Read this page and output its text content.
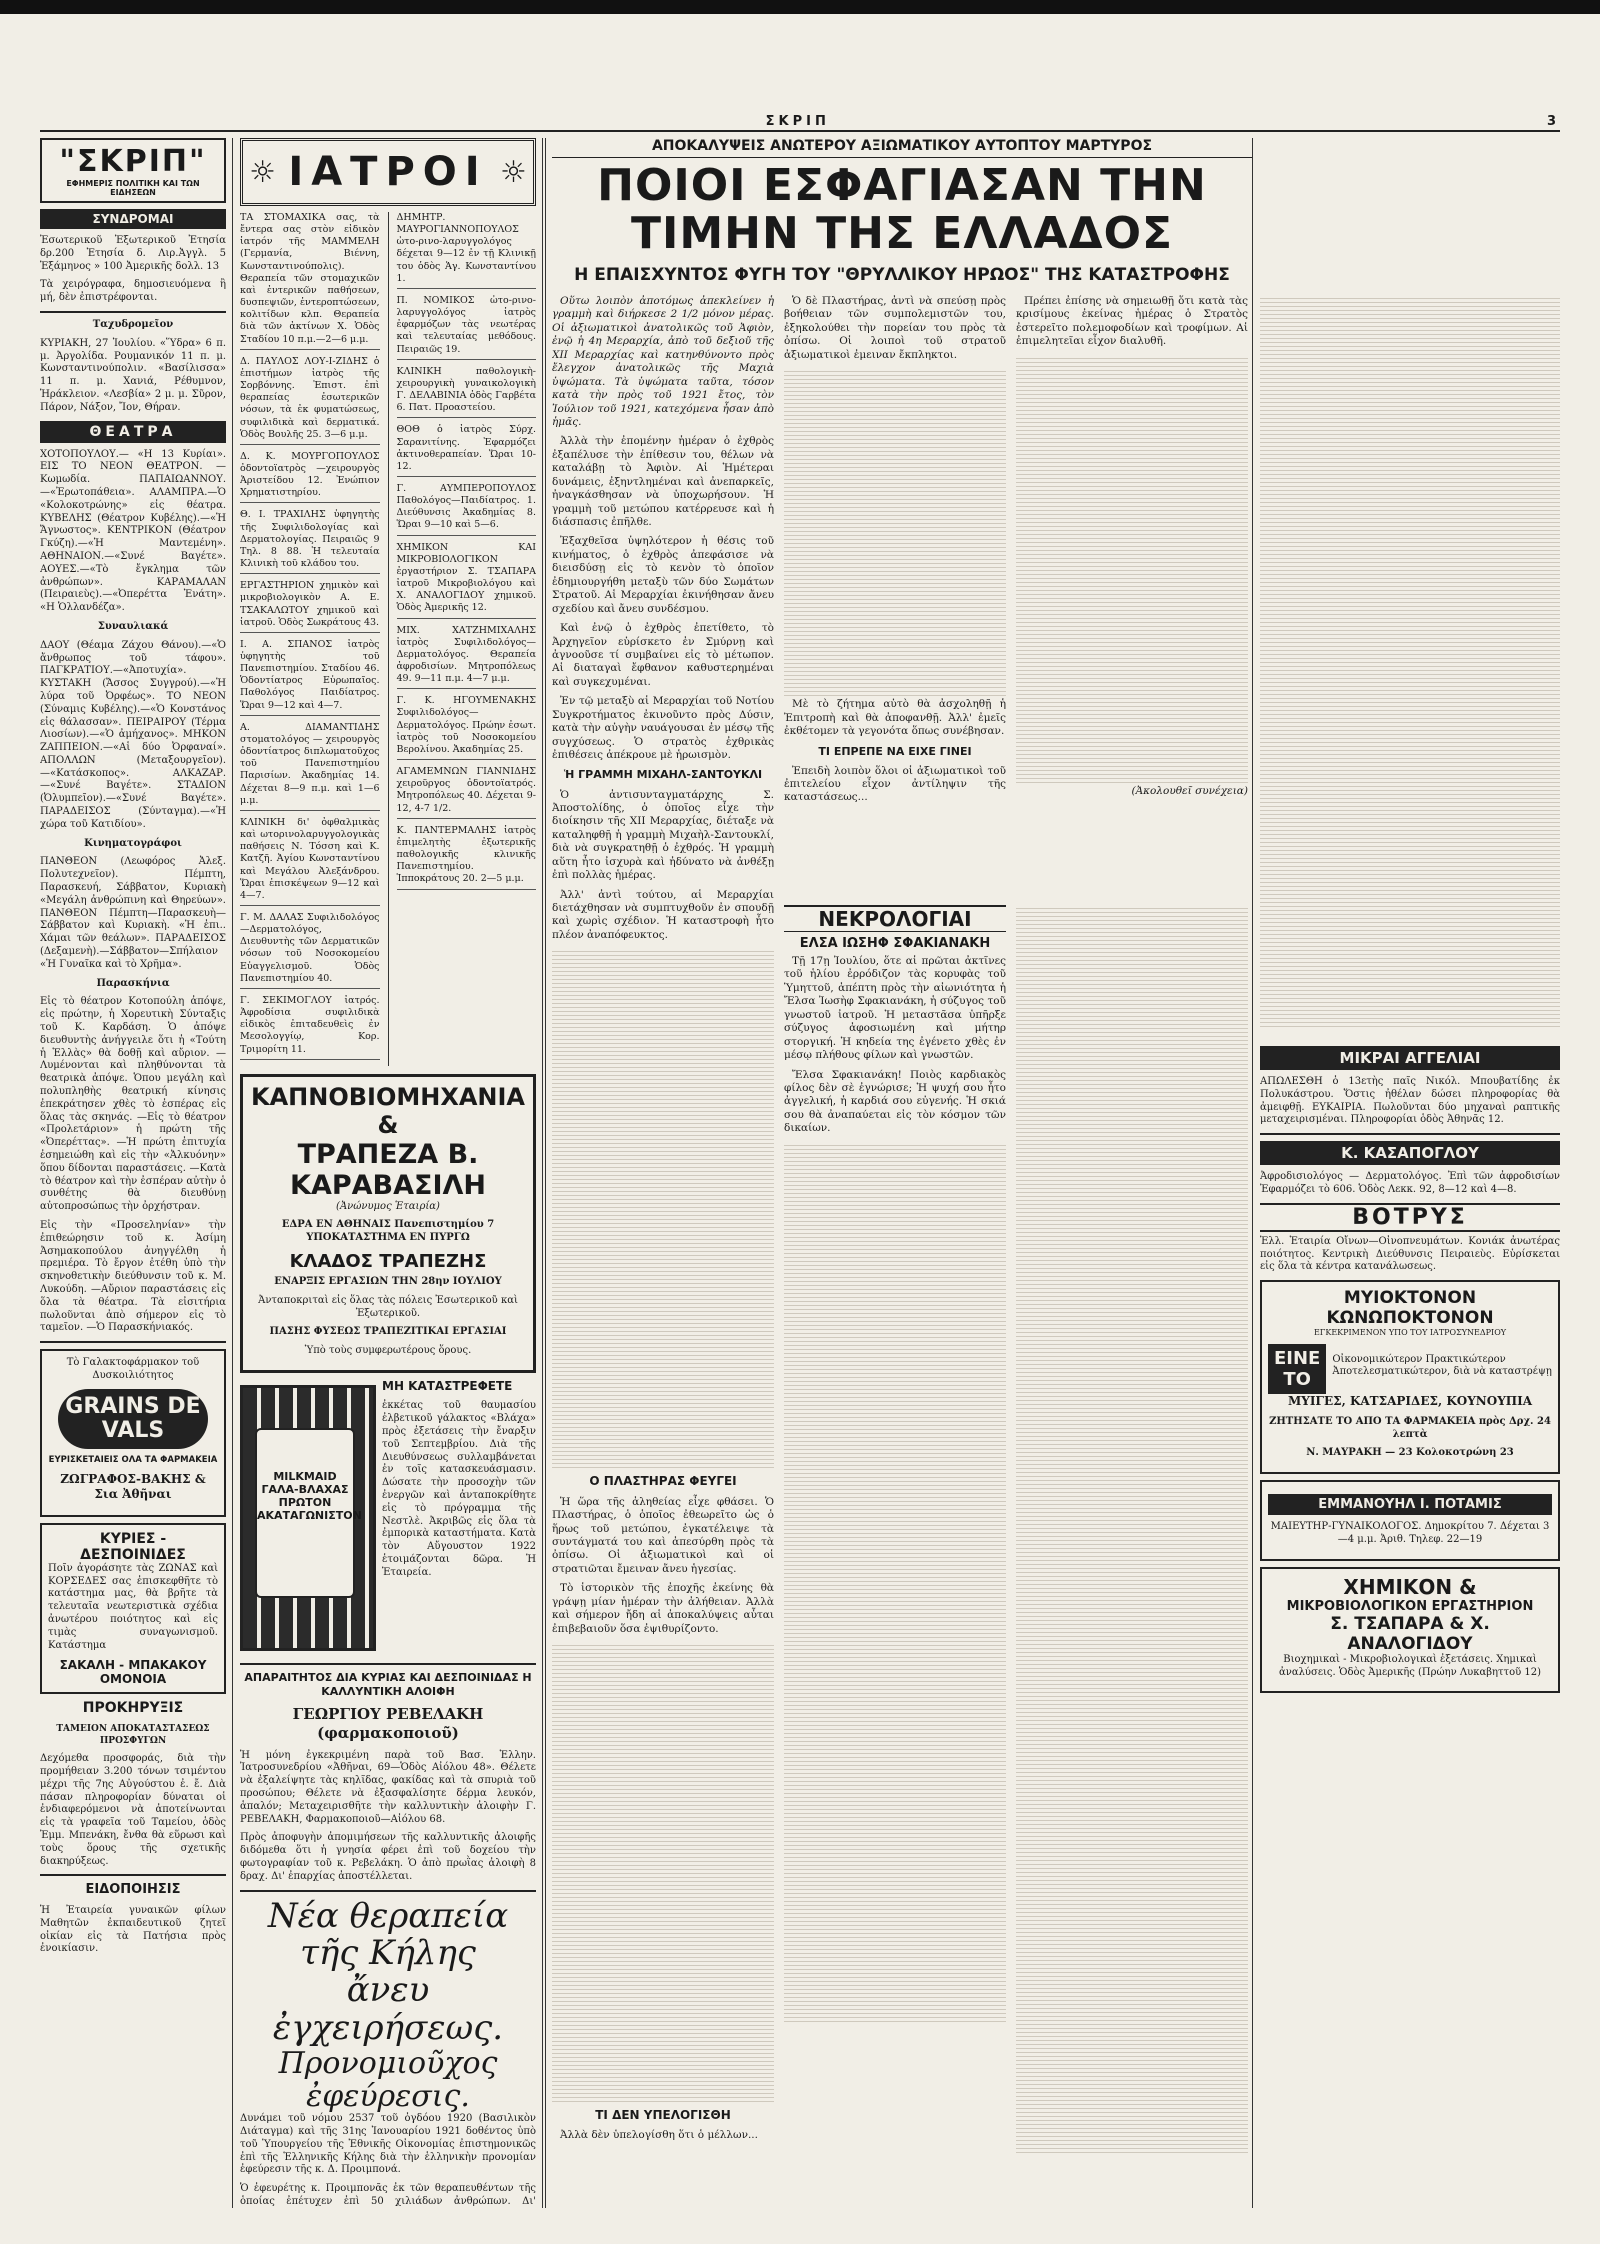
ΣΚΡΙΠ	3
"ΣΚΡΙΠ"
ΕΦΗΜΕΡΙΣ ΠΟΛΙΤΙΚΗ ΚΑΙ ΤΩΝ ΕΙΔΗΣΕΩΝ
ΣΥΝΔΡΟΜΑΙ

Ἐσωτερικοῦ Ἐξωτερικοῦ Ἐτησία δρ.200 Ἐτησία δ. Λιρ.Ἀγγλ. 5 Ἑξάμηνος » 100 Ἀμερικῆς δολλ. 13

Τὰ χειρόγραφα, δημοσιευόμενα ἢ μή, δὲν ἐπιστρέφονται.

Ταχυδρομεῖον

ΚΥΡΙΑΚΗ, 27 Ἰουλίου. «Ὕδρα» 6 π. μ. Ἀργολίδα. Ρουμανικόν 11 π. μ. Κωνσταντινούπολιν. «Βασίλισσα» 11 π. μ. Χανιά, Ρέθυμνον, Ἡράκλειον. «Λεσβία» 2 μ. μ. Σῦρον, Πάρον, Νάξον, Ἴον, Θήραν.

ΘΕΑΤΡΑ

ΧΟΤΟΠΟΥΛΟΥ.— «Η 13 Κυρίαι». ΕΙΣ ΤΟ ΝΕΟΝ ΘΕΑΤΡΟΝ. —Κωμωδία. ΠΑΠΑΙΩΑΝΝΟΥ.—«Ἐρωτοπάθεια». ΑΛΑΜΠΡΑ.—Ὁ «Κολοκοτρώνης» εἰς θέατρα. ΚΥΒΕΛΗΣ (Θέατρον Κυβέλης).—«Ἡ Ἄγνωστος». ΚΕΝΤΡΙΚΟΝ (Θέατρον Γκύζη).—«Ἡ Μαντεμένη». ΑΘΗΝΑΙΟΝ.—«Συνέ Βαγέτε». ΑΟΥΕΣ.—«Τὸ ἔγκλημα τῶν ἀνθρώπων». ΚΑΡΑΜΑΛΑΝ (Πειραιεὺς).—«Ὀπερέττα Ἐνάτη». «Η Ὁλλανδέζα».

Συναυλιακά

ΔΑΟΥ (Θέαμα Ζάχου Θάνου).—«Ὁ ἄνθρωπος τοῦ τάφου». ΠΑΓΚΡΑΤΙΟΥ.—«Ἀποτυχία». ΚΥΣΤΑΚΗ (Ἄσσος Συγγρού).—«Ἡ λύρα τοῦ Ὀρφέως». ΤΟ ΝΕΟΝ (Σύναμις Κυβέλης).—«Ὁ Κονστάνος εἰς θάλασσαν». ΠΕΙΡΑΙΡΟΥ (Τέρμα Λιοσίων).—«Ὁ ἀμήχανος». ΜΗΚΟΝ ΖΑΠΠΕΙΟΝ.—«Αἱ δύο Ὀρφαναί». ΑΠΟΛΛΩΝ (Μεταξουργεῖον).—«Κατάσκοπος». ΑΛΚΑΖΑΡ.—«Συνέ Βαγέτε». ΣΤΑΔΙΟΝ (Ὀλυμπεῖον).—«Συνέ Βαγέτε». ΠΑΡΑΔΕΙΣΟΣ (Σύνταγμα).—«Ἡ χώρα τοῦ Κατιδίου».

Κινηματογράφοι

ΠΑΝΘΕΟΝ (Λεωφόρος Ἀλεξ. Πολυτεχνεῖον). Πέμπτη, Παρασκευή, Σάββατον, Κυριακὴ «Μεγάλη ἀνθρώπινη καὶ Θηρεύων». ΠΑΝΘΕΟΝ Πέμπτη—Παρασκευὴ—Σάββατον καὶ Κυριακὴ. «Ἡ ἐπι.. Χάμαι τῶν θεάλων». ΠΑΡΑΔΕΙΣΟΣ (Δεξαμενὴ).—Σάββατον—Σπήλαιον «Ἡ Γυναῖκα καὶ τὸ Χρῆμα».

Παρασκήνια

Εἰς τὸ θέατρον Κοτοπούλη ἀπόψε, εἰς πρώτην, ἡ Χορευτικὴ Σύνταξις τοῦ Κ. Καρδάση. Ὁ ἀπόψε διευθυντὴς ἀνήγγειλε ὅτι ἡ «Τούτη ἡ Ἑλλὰς» θὰ δοθῇ καὶ αὔριον. —Λυμένονται καὶ πληθύνονται τὰ θεατρικὰ ἀπόψε. Ὁπου μεγάλη καὶ πολυπληθὴς θεατρική κίνησις ἐπεκράτησεν χθὲς τὸ ἑσπέρας εἰς ὅλας τὰς σκηνάς. —Εἰς τὸ θέατρον «Προλετάριον» ἡ πρώτη τῆς «Ὀπερέττας». —Ἡ πρώτη ἐπιτυχία ἐσημειώθη καὶ εἰς τὴν «Ἀλκυόνην» ὅπου δίδονται παραστάσεις. —Κατὰ τὸ θέατρον καὶ τὴν ἐσπέραν αὐτὴν ὁ συνθέτης θὰ διευθύνῃ αὐτοπροσώπως τὴν ὀρχήστραν.

Εἰς τὴν «Προσεληνίαν» τὴν ἐπιθεώρησιν τοῦ κ. Ἀσίμη Ἀσημακοπούλου ἀνηγγέλθη ἡ πρεμιέρα. Τὸ ἔργον ἐτέθη ὑπὸ τὴν σκηνοθετικὴν διεύθυνσιν τοῦ κ. Μ. Λυκούδη. —Αὔριον παραστάσεις εἰς ὅλα τὰ θέατρα. Τὰ εἰσιτήρια πωλοῦνται ἀπὸ σήμερον εἰς τὸ ταμεῖον. —Ὁ Παρασκήνιακός.

Τὸ Γαλακτοφάρμακον τοῦ Δυσκοιλιότητος

GRAINS DE VALS

ΕΥΡΙΣΚΕΤΑΙΕΙΣ ΟΛΑ ΤΑ ΦΑΡΜΑΚΕΙΑ

ΖΩΓΡΑΦΟΣ-ΒΑΚΗΣ & Σια Ἀθῆναι

ΚΥΡΙΕΣ - ΔΕΣΠΟΙΝΙΔΕΣ

Ποῖν ἀγοράσητε τὰς ΖΩΝΑΣ καὶ ΚΟΡΣΕΔΕΣ σας ἐπισκεφθῆτε τὸ κατάστημα μας, θὰ βρῆτε τὰ τελευταῖα νεωτεριστικὰ σχέδια ἀνωτέρου ποιότητος καὶ εἰς τιμὰς συναγωνισμοῦ. Κατάστημα

ΣΑΚΑΛΗ - ΜΠΑΚΑΚΟΥ ΟΜΟΝΟΙΑ

ΠΡΟΚΗΡΥΞΙΣ

ΤΑΜΕΙΟΝ ΑΠΟΚΑΤΑΣΤΑΣΕΩΣ ΠΡΟΣΦΥΓΩΝ

Δεχόμεθα προσφοράς, διὰ τὴν προμήθειαν 3.200 τόνων τσιμέντου μέχρι τῆς 7ης Αὐγούστου ἐ. ἔ. Διὰ πάσαν πληροφορίαν δύναται οἱ ἐνδιαφερόμενοι νὰ ἀποτείνωνται εἰς τὰ γραφεῖα τοῦ Ταμείου, ὁδὸς Ἐμμ. Μπενάκη, ἔνθα θὰ εὕρωσι καὶ τοὺς ὅρους τῆς σχετικῆς διακηρύξεως.

ΕΙΔΟΠΟΙΗΣΙΣ

Ἡ Ἐταιρεία γυναικῶν φίλων Μαθητῶν ἐκπαιδευτικοῦ ζητεῖ οἰκίαν εἰς τὰ Πατήσια πρὸς ἐνοικίασιν.

☼ ΙΑΤΡΟΙ ☼

ΤΑ ΣΤΟΜΑΧΙΚΑ σας, τὰ ἔντερα σας στὸν εἰδικὸν ἰατρόν τῆς ΜΑΜΜΕΛΗ (Γερμανία, Βιέννη, Κωνσταντινούπολις). Θεραπεία τῶν στομαχικῶν καὶ ἐντερικῶν παθήσεων, δυσπεψιῶν, ἐντεροπτώσεων, κολιτίδων κλπ. Θεραπεία διὰ τῶν ἀκτίνων Χ. Ὁδὸς Σταδίου 10 π.μ.—2—6 μ.μ.

Δ. ΠΑΥΛΟΣ ΛΟΥ-Ι-ΖΙΔΗΣ ὁ ἐπιστήμων ἰατρὸς τῆς Σορβόννης. Ἐπιστ. ἐπὶ θεραπείας ἐσωτερικῶν νόσων, τὰ ἐκ φυματώσεως, συφιλιδικὰ καὶ δερματικά. Ὁδὸς Βουλῆς 25. 3—6 μ.μ.

Δ. Κ. ΜΟΥΡΓΟΠΟΥΛΟΣ ὀδοντοϊατρὸς —χειρουργὸς Ἀριστείδου 12. Ἐνώπιον Χρηματιστηρίου.

Θ. Ι. ΤΡΑΧΙΛΗΣ ὑφηγητὴς τῆς Συφιλιδολογίας καὶ Δερματολογίας. Πειραιῶς 9 Τηλ. 8 88. Ἡ τελευταία Κλινικὴ τοῦ κλάδου του.

ΕΡΓΑΣΤΗΡΙΟΝ χημικὸν καὶ μικροβιολογικὸν Α. Ε. ΤΣΑΚΑΛΩΤΟΥ χημικοῦ καὶ ἰατροῦ. Ὁδὸς Σωκράτους 43.

Ι. Α. ΣΠΑΝΟΣ ἰατρὸς ὑφηγητὴς τοῦ Πανεπιστημίου. Σταδίου 46. Ὁδοντίατρος Εὐρωπαῖος. Παθολόγος Παιδίατρος. Ὥραι 9—12 καὶ 4—7.

Α. ΔΙΑΜΑΝΤΙΔΗΣ στοματολόγος — χειρουργὸς ὀδοντίατρος διπλωματοῦχος τοῦ Πανεπιστημίου Παρισίων. Ἀκαδημίας 14. Δέχεται 8—9 π.μ. καὶ 1—6 μ.μ.

ΚΛΙΝΙΚΗ δι' ὀφθαλμικὰς καὶ ωτορινολαρυγγολογικὰς παθήσεις Ν. Τόσση καὶ Κ. Κατζῆ. Ἀγίου Κωνσταντίνου καὶ Μεγάλου Ἀλεξάνδρου. Ὥραι ἐπισκέψεων 9—12 καὶ 4—7.

Γ. Μ. ΔΑΛΑΣ Συφιλιδολόγος—Δερματολόγος, Διευθυντὴς τῶν Δερματικῶν νόσων τοῦ Νοσοκομείου Εὐαγγελισμοῦ. Ὁδὸς Πανεπιστημίου 40.

Γ. ΣΕΚΙΜΟΓΛΟΥ ἰατρός. Ἀφροδίσια συφιλιδικὰ εἰδικὸς ἐπιταδευθεὶς ἐν Μεσολογγίῳ, Κορ. Τριμορίτη 11.

ΔΗΜΗΤΡ. ΜΑΥΡΟΓΙΑΝΝΟΠΟΥΛΟΣ ὠτο-ρινο-λαρυγγολόγος δέχεται 9—12 ἐν τῇ Κλινικῇ του ὁδὸς Ἁγ. Κωνσταντίνου 1.

Π. ΝΟΜΙΚΟΣ ὠτο-ρινο-λαρυγγολόγος ἰατρὸς ἐφαρμόζων τὰς νεωτέρας καὶ τελευταίας μεθόδους. Πειραιῶς 19.

ΚΛΙΝΙΚΗ παθολογικὴ-χειρουργικὴ γυναικολογικὴ Γ. ΔΕΛΑΒΙΝΙΑ ὁδὸς Γαρβέτα 6. Πατ. Προαστείου.

ΘΟΘ ὁ ἰατρὸς Σύρχ. Σαρανιτίνης. Ἐφαρμόζει ἀκτινοθεραπείαν. Ὥραι 10-12.

Γ. ΑΥΜΠΕΡΟΠΟΥΛΟΣ Παθολόγος—Παιδίατρος. 1. Διεύθυνσις Ἀκαδημίας 8. Ὥραι 9—10 καὶ 5—6.

ΧΗΜΙΚΟΝ ΚΑΙ ΜΙΚΡΟΒΙΟΛΟΓΙΚΟΝ ἐργαστήριον Σ. ΤΣΑΠΑΡΑ ἰατροῦ Μικροβιολόγου καὶ Χ. ΑΝΑΛΟΓΙΔΟΥ χημικοῦ. Ὁδὸς Ἀμερικῆς 12.

ΜΙΧ. ΧΑΤΖΗΜΙΧΑΛΗΣ ἰατρὸς Συφιλιδολόγος—Δερματολόγος. Θεραπεία ἀφροδισίων. Μητροπόλεως 49. 9—11 π.μ. 4—7 μ.μ.

Γ. Κ. ΗΓΟΥΜΕΝΑΚΗΣ Συφιλιδολόγος—Δερματολόγος. Πρώην ἐσωτ. ἰατρὸς τοῦ Νοσοκομείου Βερολίνου. Ἀκαδημίας 25.

ΑΓΑΜΕΜΝΩΝ ΓΙΑΝΝΙΔΗΣ χειροῦργος ὀδοντοϊατρός. Μητροπόλεως 40. Δέχεται 9-12, 4-7 1/2.

Κ. ΠΑΝΤΕΡΜΑΛΗΣ ἰατρὸς ἐπιμελητὴς ἐξωτερικῆς παθολογικῆς κλινικῆς Πανεπιστημίου. Ἱπποκράτους 20. 2—5 μ.μ.

ΚΑΠΝΟΒΙΟΜΗΧΑΝΙΑ &
ΤΡΑΠΕΖΑ Β. ΚΑΡΑΒΑΣΙΛΗ

(Ἀνώνυμος Ἑταιρία)

ΕΔΡΑ ΕΝ ΑΘΗΝΑΙΣ Πανεπιστημίου 7 ΥΠΟΚΑΤΑΣΤΗΜΑ ΕΝ ΠΥΡΓΩ

ΚΛΑΔΟΣ ΤΡΑΠΕΖΗΣ

ΕΝΑΡΞΙΣ ΕΡΓΑΣΙΩΝ ΤΗΝ 28ην ΙΟΥΛΙΟΥ

Ἀνταποκριταὶ εἰς ὅλας τὰς πόλεις Ἐσωτερικοῦ καὶ Ἐξωτερικοῦ.

ΠΑΣΗΣ ΦΥΣΕΩΣ ΤΡΑΠΕΖΙΤΙΚΑΙ ΕΡΓΑΣΙΑΙ

Ὑπὸ τοὺς συμφερωτέρους ὅρους.

MILKMAID ΓΑΛΑ-ΒΛΑΧΑΣ ΠΡΩΤΟΝ ΑΚΑΤΑΓΩΝΙΣΤΟΝ

ΜΗ ΚΑΤΑΣΤΡΕΦΕΤΕ

ἐκκέτας τοῦ θαυμασίου ἐλβετικοῦ γάλακτος «Βλάχα» πρὸς ἐξετάσεις τὴν ἔναρξιν τοῦ Σεπτεμβρίου. Διὰ τῆς Διευθύνσεως συλλαμβάνεται ἐν τοῖς κατασκευάσμασιν. Δώσατε τὴν προσοχὴν τῶν ἐνεργῶν καὶ ἀνταποκρίθητε εἰς τὸ πρόγραμμα τῆς Νεστλὲ. Ἀκριβῶς εἰς ὅλα τὰ ἐμπορικὰ καταστήματα. Κατὰ τὸν Αὔγουστον 1922 ἑτοιμάζονται δῶρα. Ἡ Ἑταιρεία.

ΑΠΑΡΑΙΤΗΤΟΣ ΔΙΑ ΚΥΡΙΑΣ ΚΑΙ ΔΕΣΠΟΙΝΙΔΑΣ Η ΚΑΛΛΥΝΤΙΚΗ ΑΛΟΙΦΗ

ΓΕΩΡΓΙΟΥ ΡΕΒΕΛΑΚΗ (φαρμακοποιοῦ)

Ἡ μόνη ἐγκεκριμένη παρὰ τοῦ Βασ. Ἑλλην. Ἰατροσυνεδρίου «Ἀθῆναι, 69—Ὁδὸς Αἰόλου 48». Θέλετε νὰ ἐξαλείψητε τὰς κηλῖδας, φακίδας καὶ τὰ σπυριὰ τοῦ προσώπου; Θέλετε νὰ ἐξασφαλίσητε δέρμα λευκόν, ἁπαλόν; Μεταχειρισθῆτε τὴν καλλυντικὴν ἀλοιφὴν Γ. ΡΕΒΕΛΑΚΗ, Φαρμακοποιοῦ—Αἰόλου 68.

Πρὸς ἀποφυγὴν ἀπομιμήσεων τῆς καλλυντικῆς ἀλοιφῆς διδόμεθα ὅτι ἡ γνησία φέρει ἐπὶ τοῦ δοχείου τὴν φωτογραφίαν τοῦ κ. Ρεβελάκη. Ὁ ἀπὸ πρωῒας ἀλοιφὴ 8 δραχ. Δι' ἐπαρχίας ἀποστέλλεται.

Νέα θεραπεία τῆς Κήλης
ἄνευ ἐγχειρήσεως.
Προνομιοῦχος ἐφεύρεσις.

Δυνάμει τοῦ νόμου 2537 τοῦ ὀγδόου 1920 (Βασιλικὸν Διάταγμα) καὶ τῆς 31ης Ἰανουαρίου 1921 δοθέντος ὑπὸ τοῦ Ὑπουργείου τῆς Ἐθνικῆς Οἰκονομίας ἐπιστημονικῶς ἐπὶ τῆς Ἑλληνικῆς Κήλης διὰ τὴν ἑλληνικὴν προνομίαν ἐφεύρεσιν τῆς κ. Δ. Προιμπονά.

Ὁ ἐφευρέτης κ. Προιμπονᾶς ἐκ τῶν θεραπευθέντων τῆς ὁποίας ἐπέτυχεν ἐπὶ 50 χιλιάδων ἀνθρώπων. Δι'

ΑΠΟΚΑΛΥΨΕΙΣ ΑΝΩΤΕΡΟΥ ΑΞΙΩΜΑΤΙΚΟΥ ΑΥΤΟΠΤΟΥ ΜΑΡΤΥΡΟΣ
ΠΟΙΟΙ ΕΣΦΑΓΙΑΣΑΝ ΤΗΝ ΤΙΜΗΝ ΤΗΣ ΕΛΛΑΔΟΣ
Η ΕΠΑΙΣΧΥΝΤΟΣ ΦΥΓΗ ΤΟΥ "ΘΡΥΛΛΙΚΟΥ ΗΡΩΟΣ" ΤΗΣ ΚΑΤΑΣΤΡΟΦΗΣ

Οὕτω λοιπὸν ἀποτόμως ἀπεκλείνεν ἡ γραμμὴ καὶ διήρκεσε 2 1/2 μόνον μέρας. Οἱ ἀξιωματικοὶ ἀνατολικῶς τοῦ Ἀφιὸν, ἐνῷ ἡ 4η Μεραρχία, ἀπὸ τοῦ δεξιοῦ τῆς ΧΙΙ Μεραρχίας καὶ κατηνθύνοντο πρὸς ἔλεγχον ἀνατολικῶς τῆς Μαχιὰ ὑψώματα. Τὰ ὑψώματα ταῦτα, τόσον κατὰ τὴν πρὸς τοῦ 1921 ἔτος, τὸν Ἰούλιον τοῦ 1921, κατεχόμενα ἦσαν ἀπὸ ἡμᾶς.

Ἀλλὰ τὴν ἐπομένην ἡμέραν ὁ ἐχθρὸς ἐξαπέλυσε τὴν ἐπίθεσιν του, θέλων νὰ καταλάβῃ τὸ Ἀφιὸν. Αἱ Ἡμέτεραι δυνάμεις, ἐξηντλημέναι καὶ ἀνεπαρκεῖς, ἠναγκάσθησαν νὰ ὑποχωρήσουν. Ἡ γραμμὴ τοῦ μετώπου κατέρρευσε καὶ ἡ διάσπασις ἐπῆλθε.

Ἐξαχθεῖσα ὑψηλότερον ἡ θέσις τοῦ κινήματος, ὁ ἐχθρὸς ἀπεφάσισε νὰ διεισδύσῃ εἰς τὸ κενὸν τὸ ὁποῖον ἐδημιουργήθη μεταξὺ τῶν δύο Σωμάτων Στρατοῦ. Αἱ Μεραρχίαι ἐκινήθησαν ἄνευ σχεδίου καὶ ἄνευ συνδέσμου.

Καὶ ἐνῷ ὁ ἐχθρὸς ἐπετίθετο, τὸ Ἀρχηγεῖον εὑρίσκετο ἐν Σμύρνῃ καὶ ἀγνοοῦσε τί συμβαίνει εἰς τὸ μέτωπον. Αἱ διαταγαὶ ἔφθανον καθυστερημέναι καὶ συγκεχυμέναι.

Ἐν τῷ μεταξὺ αἱ Μεραρχίαι τοῦ Νοτίου Συγκροτήματος ἐκινοῦντο πρὸς Δύσιν, κατὰ τὴν αὐγὴν ναυάγουσαι ἐν μέσῳ τῆς συγχύσεως. Ὁ στρατὸς ἐχθρικὰς ἐπιθέσεις ἀπέκρουε μὲ ἡρωισμὸν.

Ἡ ΓΡΑΜΜΗ ΜΙΧΑΗΛ-ΣΑΝΤΟΥΚΛΙ

Ὁ ἀντισυνταγματάρχης Σ. Ἀποστολίδης, ὁ ὁποῖος εἶχε τὴν διοίκησιν τῆς XII Μεραρχίας, διέταξε νὰ καταληφθῇ ἡ γραμμὴ Μιχαὴλ-Σαντουκλί, διὰ νὰ συγκρατηθῇ ὁ ἐχθρός. Ἡ γραμμὴ αὕτη ἦτο ἰσχυρὰ καὶ ἠδύνατο νὰ ἀνθέξῃ ἐπὶ πολλὰς ἡμέρας.

Ἀλλ' ἀντὶ τούτου, αἱ Μεραρχίαι διετάχθησαν νὰ συμπτυχθοῦν ἐν σπουδῇ καὶ χωρὶς σχέδιον. Ἡ καταστροφὴ ἦτο πλέον ἀναπόφευκτος.

Ο ΠΛΑΣΤΗΡΑΣ ΦΕΥΓΕΙ

Ἡ ὥρα τῆς ἀληθείας εἶχε φθάσει. Ὁ Πλαστήρας, ὁ ὁποῖος ἐθεωρεῖτο ὡς ὁ ἥρως τοῦ μετώπου, ἐγκατέλειψε τὰ συντάγματά του καὶ ἀπεσύρθη πρὸς τὰ ὀπίσω. Οἱ ἀξιωματικοὶ καὶ οἱ στρατιῶται ἔμειναν ἄνευ ἡγεσίας.

Τὸ ἱστορικὸν τῆς ἐποχῆς ἐκείνης θὰ γράψῃ μίαν ἡμέραν τὴν ἀλήθειαν. Ἀλλὰ καὶ σήμερον ἤδη αἱ ἀποκαλύψεις αὗται ἐπιβεβαιοῦν ὅσα ἐψιθυρίζοντο.

ΤΙ ΔΕΝ ΥΠΕΛΟΓΙΣΘΗ

Ἀλλὰ δὲν ὑπελογίσθη ὅτι ὁ μέλλων...

Ὁ δὲ Πλαστήρας, ἀντὶ νὰ σπεύσῃ πρὸς βοήθειαν τῶν συμπολεμιστῶν του, ἐξηκολούθει τὴν πορείαν του πρὸς τὰ ὀπίσω. Οἱ λοιποὶ τοῦ στρατοῦ ἀξιωματικοὶ ἐμειναν ἔκπληκτοι.

Μὲ τὸ ζήτημα αὐτὸ θὰ ἀσχοληθῇ ἡ Ἐπιτροπὴ καὶ θὰ ἀποφανθῇ. Ἀλλ' ἐμεῖς ἐκθέτομεν τὰ γεγονότα ὅπως συνέβησαν.

ΤΙ ΕΠΡΕΠΕ ΝΑ ΕΙΧΕ ΓΙΝΕΙ

Ἐπειδὴ λοιπὸν ὅλοι οἱ ἀξιωματικοὶ τοῦ ἐπιτελείου εἶχον ἀντίληψιν τῆς καταστάσεως...

Πρέπει ἐπίσης νὰ σημειωθῇ ὅτι κατὰ τὰς κρισίμους ἐκείνας ἡμέρας ὁ Στρατὸς ἐστερεῖτο πολεμοφοδίων καὶ τροφίμων. Αἱ ἐπιμελητεῖαι εἶχον διαλυθῆ.

(Ἀκολουθεῖ συνέχεια)

ΝΕΚΡΟΛΟΓΙΑΙ
ΕΛΣΑ ΙΩΣΗΦ ΣΦΑΚΙΑΝΑΚΗ

Τῇ 17ῃ Ἰουλίου, ὅτε αἱ πρῶται ἀκτῖνες τοῦ ἡλίου ἐρρόδιζον τὰς κορυφὰς τοῦ Ὑμηττοῦ, ἀπέπτη πρὸς τὴν αἰωνιότητα ἡ Ἔλσα Ἰωσὴφ Σφακιανάκη, ἡ σύζυγος τοῦ γνωστοῦ ἰατροῦ. Ἡ μεταστᾶσα ὑπῆρξε σύζυγος ἀφοσιωμένη καὶ μήτηρ στοργική. Ἡ κηδεία της ἐγένετο χθὲς ἐν μέσῳ πλήθους φίλων καὶ γνωστῶν.

Ἔλσα Σφακιανάκη! Ποιὸς καρδιακὸς φίλος δὲν σὲ ἐγνώρισε; Ἡ ψυχή σου ἦτο ἀγγελική, ἡ καρδιά σου εὐγενής. Ἡ σκιά σου θὰ ἀναπαύεται εἰς τὸν κόσμον τῶν δικαίων.

ΜΙΚΡΑΙ ΑΓΓΕΛΙΑΙ

ΑΠΩΛΕΣΘΗ ὁ 13ετὴς παῖς Νικόλ. Μπουβατίδης ἐκ Πολυκάστρου. Ὅστις ἠθέλαν δώσει πληροφορίας θὰ ἀμειφθῇ. ΕΥΚΑΙΡΙΑ. Πωλοῦνται δύο μηχαναὶ ραπτικῆς μεταχειρισμέναι. Πληροφορίαι ὁδὸς Ἀθηνᾶς 12.

Κ. ΚΑΣΑΠΟΓΛΟΥ

Ἀφροδισιολόγος — Δερματολόγος. Ἐπὶ τῶν ἀφροδισίων Ἐφαρμόζει τὸ 606. Ὁδὸς Λεκκ. 92, 8—12 καὶ 4—8.

ΒΟΤΡΥΣ

Ἑλλ. Ἑταιρία Οἴνων—Οἰνοπνευμάτων. Κονιάκ ἀνωτέρας ποιότητος. Κεντρικὴ Διεύθυνσις Πειραιεὺς. Εὑρίσκεται εἰς ὅλα τὰ κέντρα κατανάλωσεως.

ΜΥΙΟΚΤΟΝΟΝ ΚΩΝΩΠΟΚΤΟΝΟΝ

ΕΓΚΕΚΡΙΜΕΝΟΝ ΥΠΟ ΤΟΥ ΙΑΤΡΟΣΥΝΕΔΡΙΟΥ

ΕΙΝΕ ΤΟ

Οἰκονομικώτερον Πρακτικώτερον Ἀποτελεσματικώτερον, διὰ νὰ καταστρέψῃ

ΜΥΙΓΕΣ, ΚΑΤΣΑΡΙΔΕΣ, ΚΟΥΝΟΥΠΙΑ

ΖΗΤΗΣΑΤΕ ΤΟ ΑΠΟ ΤΑ ΦΑΡΜΑΚΕΙΑ πρὸς Δρχ. 24 λεπτὰ

Ν. ΜΑΥΡΑΚΗ — 23 Κολοκοτρώνη 23

ΕΜΜΑΝΟΥΗΛ Ι. ΠΟΤΑΜΙΣ

ΜΑΙΕΥΤΗΡ-ΓΥΝΑΙΚΟΛΟΓΟΣ. Δημοκρίτου 7. Δέχεται 3—4 μ.μ. Ἀριθ. Τηλεφ. 22—19

ΧΗΜΙΚΟΝ &
ΜΙΚΡΟΒΙΟΛΟΓΙΚΟΝ ΕΡΓΑΣΤΗΡΙΟΝ
Σ. ΤΣΑΠΑΡΑ & Χ. ΑΝΑΛΟΓΙΔΟΥ

Βιοχημικαὶ - Μικροβιολογικαὶ ἐξετάσεις. Χημικαὶ ἀναλύσεις. Ὁδὸς Ἀμερικῆς (Πρώην Λυκαβηττοῦ 12)
